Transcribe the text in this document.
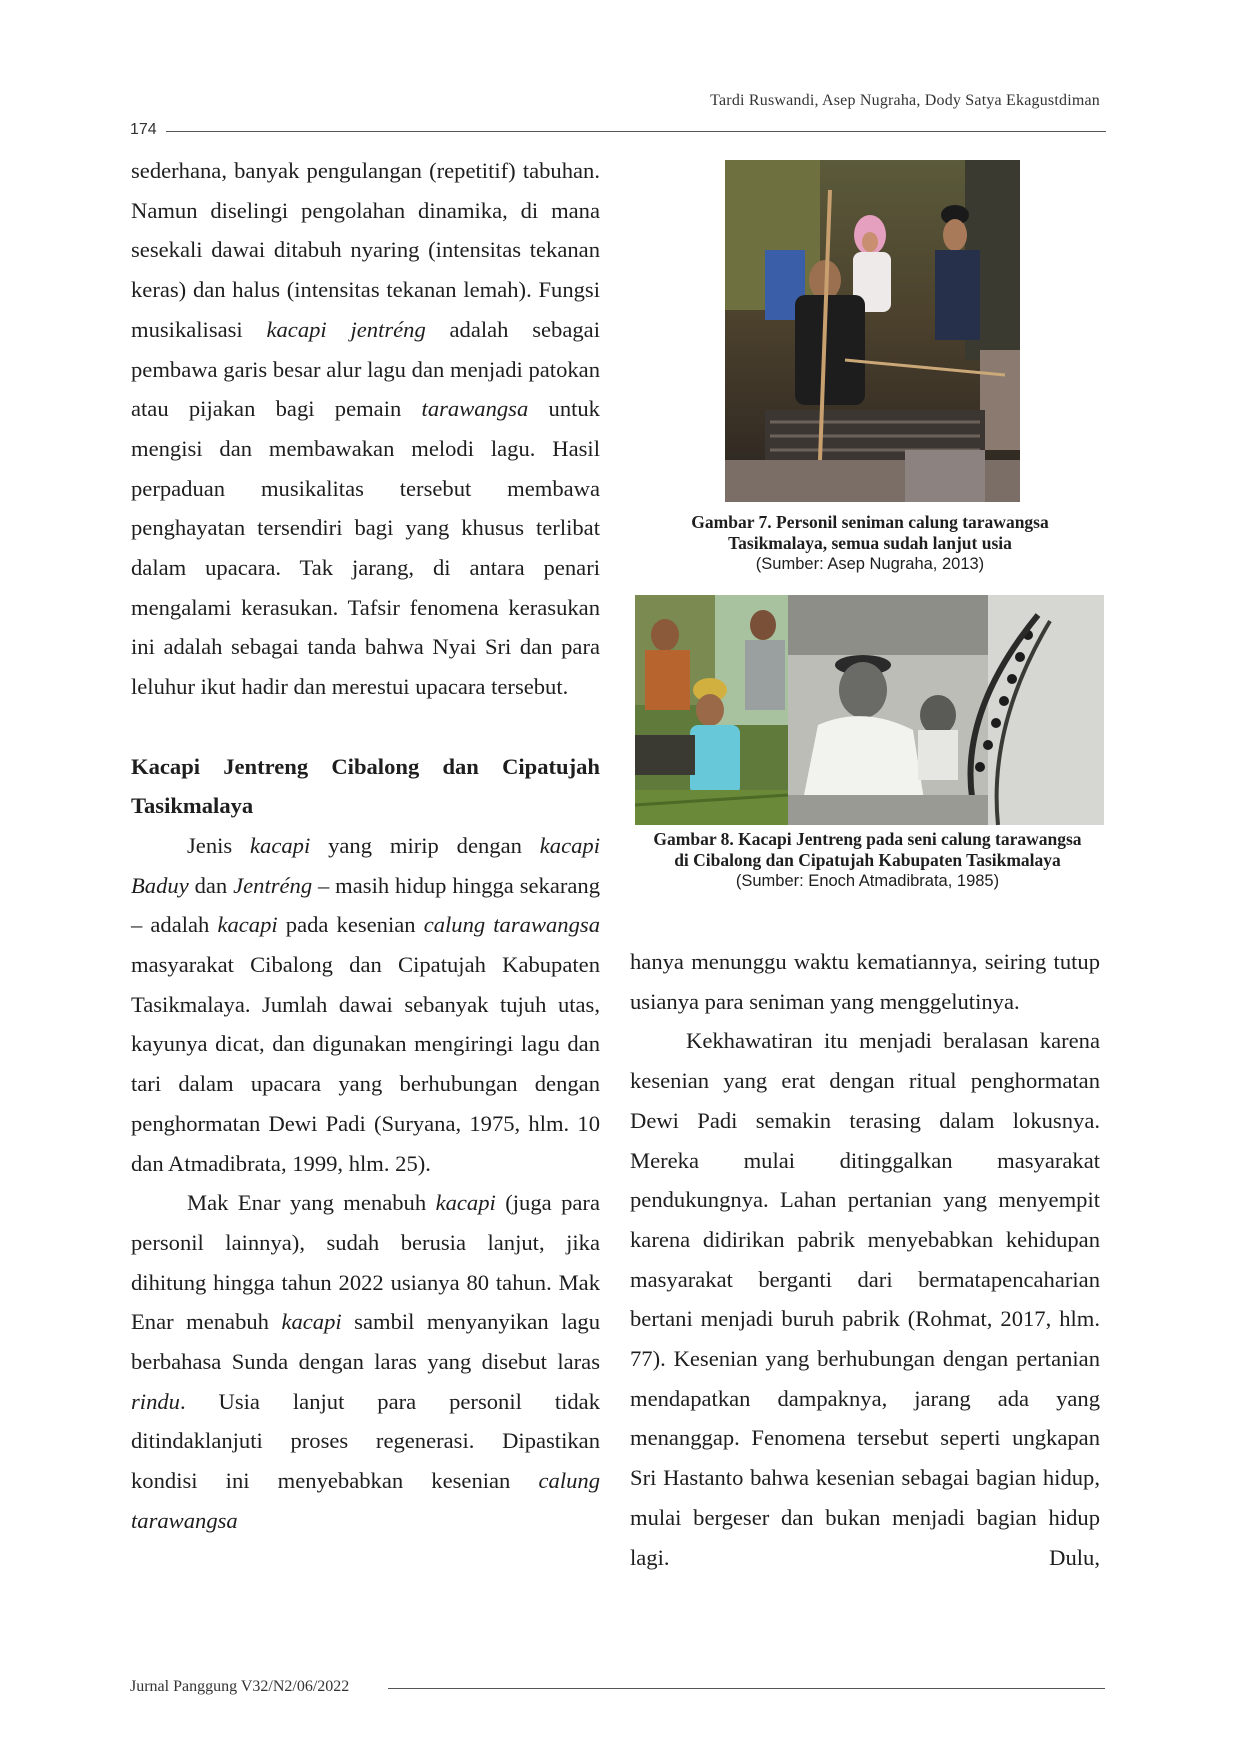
Tardi Ruswandi, Asep Nugraha, Dody Satya Ekagustdiman
174

sederhana, banyak pengulangan (repetitif) tabuhan. Namun diselingi pengolahan dinamika, di mana sesekali dawai ditabuh nyaring (intensitas tekanan keras) dan halus (intensitas tekanan lemah). Fungsi musikalisasi kacapi jentréng adalah sebagai pembawa garis besar alur lagu dan menjadi patokan atau pijakan bagi pemain tarawangsa untuk mengisi dan membawakan melodi lagu. Hasil perpaduan musikalitas tersebut membawa penghayatan tersendiri bagi yang khusus terlibat dalam upacara. Tak jarang, di antara penari mengalami kerasukan. Tafsir fenomena kerasukan ini adalah sebagai tanda bahwa Nyai Sri dan para leluhur ikut hadir dan merestui upacara tersebut.

Kacapi Jentreng Cibalong dan Cipatujah Tasikmalaya

Jenis kacapi yang mirip dengan kacapi Baduy dan Jentréng – masih hidup hingga sekarang – adalah kacapi pada kesenian calung tarawangsa masyarakat Cibalong dan Cipatujah Kabupaten Tasikmalaya. Jumlah dawai sebanyak tujuh utas, kayunya dicat, dan digunakan mengiringi lagu dan tari dalam upacara yang berhubungan dengan penghormatan Dewi Padi (Suryana, 1975, hlm. 10 dan Atmadibrata, 1999, hlm. 25).

Mak Enar yang menabuh kacapi (juga para personil lainnya), sudah berusia lanjut, jika dihitung hingga tahun 2022 usianya 80 tahun. Mak Enar menabuh kacapi sambil menyanyikan lagu berbahasa Sunda dengan laras yang disebut laras rindu. Usia lanjut para personil tidak ditindaklanjuti proses regenerasi. Dipastikan kondisi ini menyebabkan kesenian calung tarawangsa

Gambar 7. Personil seniman calung tarawangsa Tasikmalaya, semua sudah lanjut usia
(Sumber: Asep Nugraha, 2013)
Gambar 8. Kacapi Jentreng pada seni calung tarawangsa di Cibalong dan Cipatujah Kabupaten Tasikmalaya
(Sumber: Enoch Atmadibrata, 1985)

hanya menunggu waktu kematiannya, seiring tutup usianya para seniman yang menggelutinya.

Kekhawatiran itu menjadi beralasan karena kesenian yang erat dengan ritual penghormatan Dewi Padi semakin terasing dalam lokusnya. Mereka mulai ditinggalkan masyarakat pendukungnya. Lahan pertanian yang menyempit karena didirikan pabrik menyebabkan kehidupan masyarakat berganti dari bermatapencaharian bertani menjadi buruh pabrik (Rohmat, 2017, hlm. 77). Kesenian yang berhubungan dengan pertanian mendapatkan dampaknya, jarang ada yang menanggap. Fenomena tersebut seperti ungkapan Sri Hastanto bahwa kesenian sebagai bagian hidup, mulai bergeser dan bukan menjadi bagian hidup lagi. Dulu,

Jurnal Panggung V32/N2/06/2022
